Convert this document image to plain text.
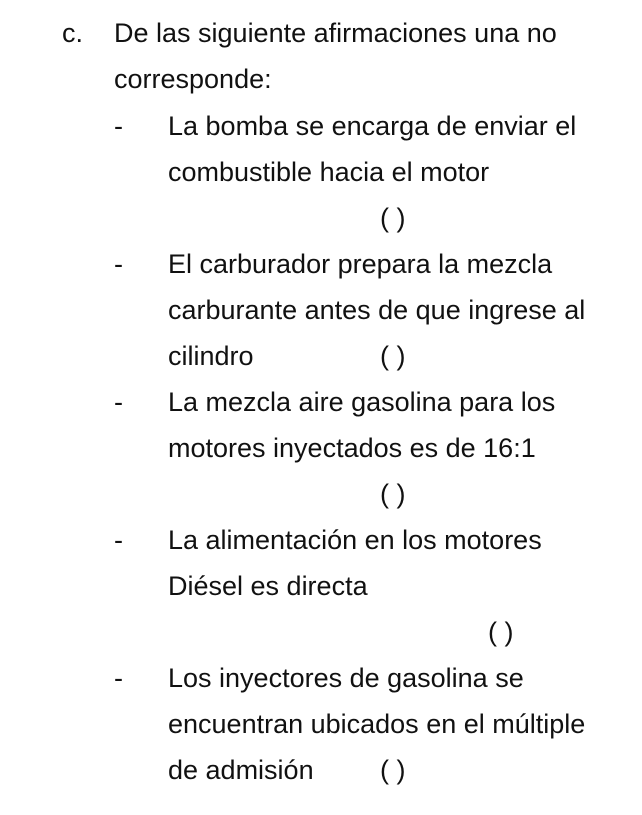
c. De las siguiente afirmaciones una no
corresponde:
- La bomba se encarga de enviar el
combustible hacia el motor
( )
- El carburador prepara la mezcla
carburante antes de que ingrese al
cilindro	( )
- La mezcla aire gasolina para los
motores inyectados es de 16:1
( )
- La alimentación en los motores
Diésel es directa
( )
- Los inyectores de gasolina se
encuentran ubicados en el múltiple
de admisión ( )
